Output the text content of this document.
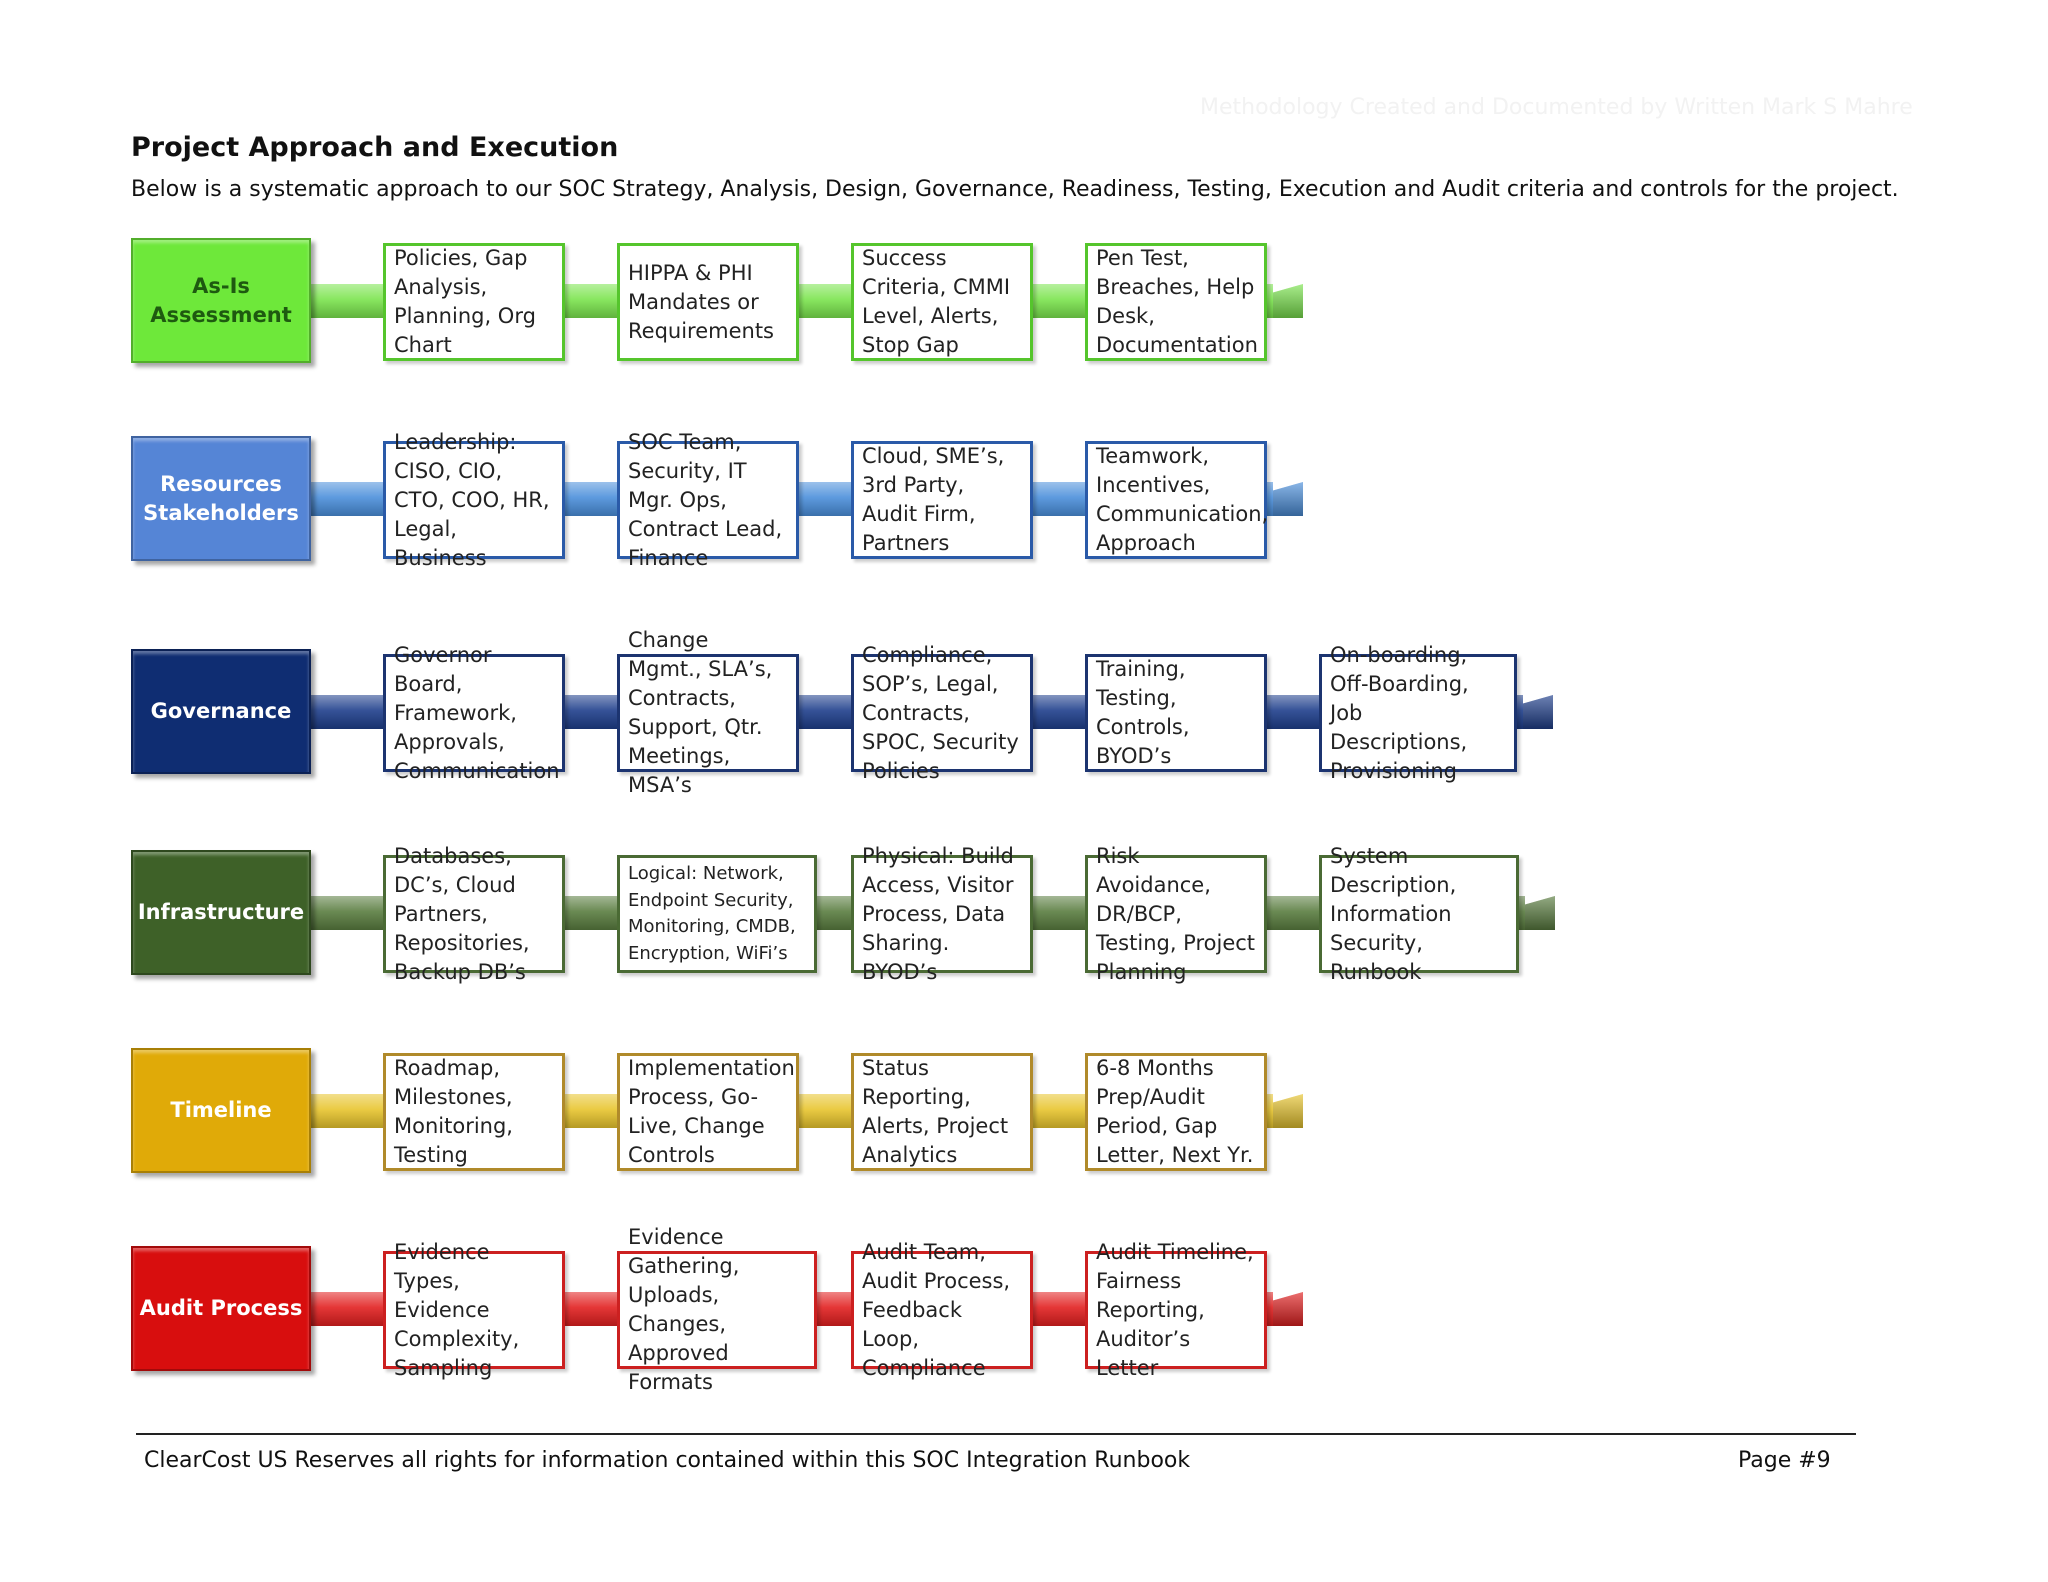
Methodology Created and Documented by Written Mark S Mahre
Project Approach and Execution
Below is a systematic approach to our SOC Strategy, Analysis, Design, Governance, Readiness, Testing, Execution and Audit criteria and controls for the project.
As-Is Assessment
Policies, Gap Analysis, Planning, Org Chart
HIPPA & PHI Mandates or Requirements
Success Criteria, CMMI Level, Alerts, Stop Gap
Pen Test, Breaches, Help Desk, Documentation
Resources Stakeholders
Leadership: CISO, CIO, CTO, COO, HR, Legal, Business
SOC Team, Security, IT Mgr. Ops, Contract Lead, Finance
Cloud, SME’s, 3rd Party, Audit Firm, Partners
Teamwork, Incentives, Communication, Approach
Governance
Governor Board, Framework, Approvals, Communication
Change Mgmt., SLA’s, Contracts, Support, Qtr. Meetings, MSA’s
Compliance, SOP’s, Legal, Contracts, SPOC, Security Policies
Training, Testing, Controls, BYOD’s
On-boarding, Off-Boarding, Job Descriptions, Provisioning
Infrastructure
Databases, DC’s, Cloud Partners, Repositories, Backup DB’s
Logical: Network, Endpoint Security, Monitoring, CMDB, Encryption, WiFi’s
Physical: Build Access, Visitor Process, Data Sharing. BYOD’s
Risk Avoidance, DR/BCP, Testing, Project Planning
System Description, Information Security, Runbook
Timeline
Roadmap, Milestones, Monitoring, Testing
Implementation Process, Go-Live, Change Controls
Status Reporting, Alerts, Project Analytics
6-8 Months Prep/Audit Period, Gap Letter, Next Yr.
Audit Process
Evidence Types, Evidence Complexity, Sampling
Evidence Gathering, Uploads, Changes, Approved Formats
Audit Team, Audit Process, Feedback Loop, Compliance
Audit Timeline, Fairness Reporting, Auditor’s Letter
ClearCost US Reserves all rights for information contained within this SOC Integration Runbook	Page #9
